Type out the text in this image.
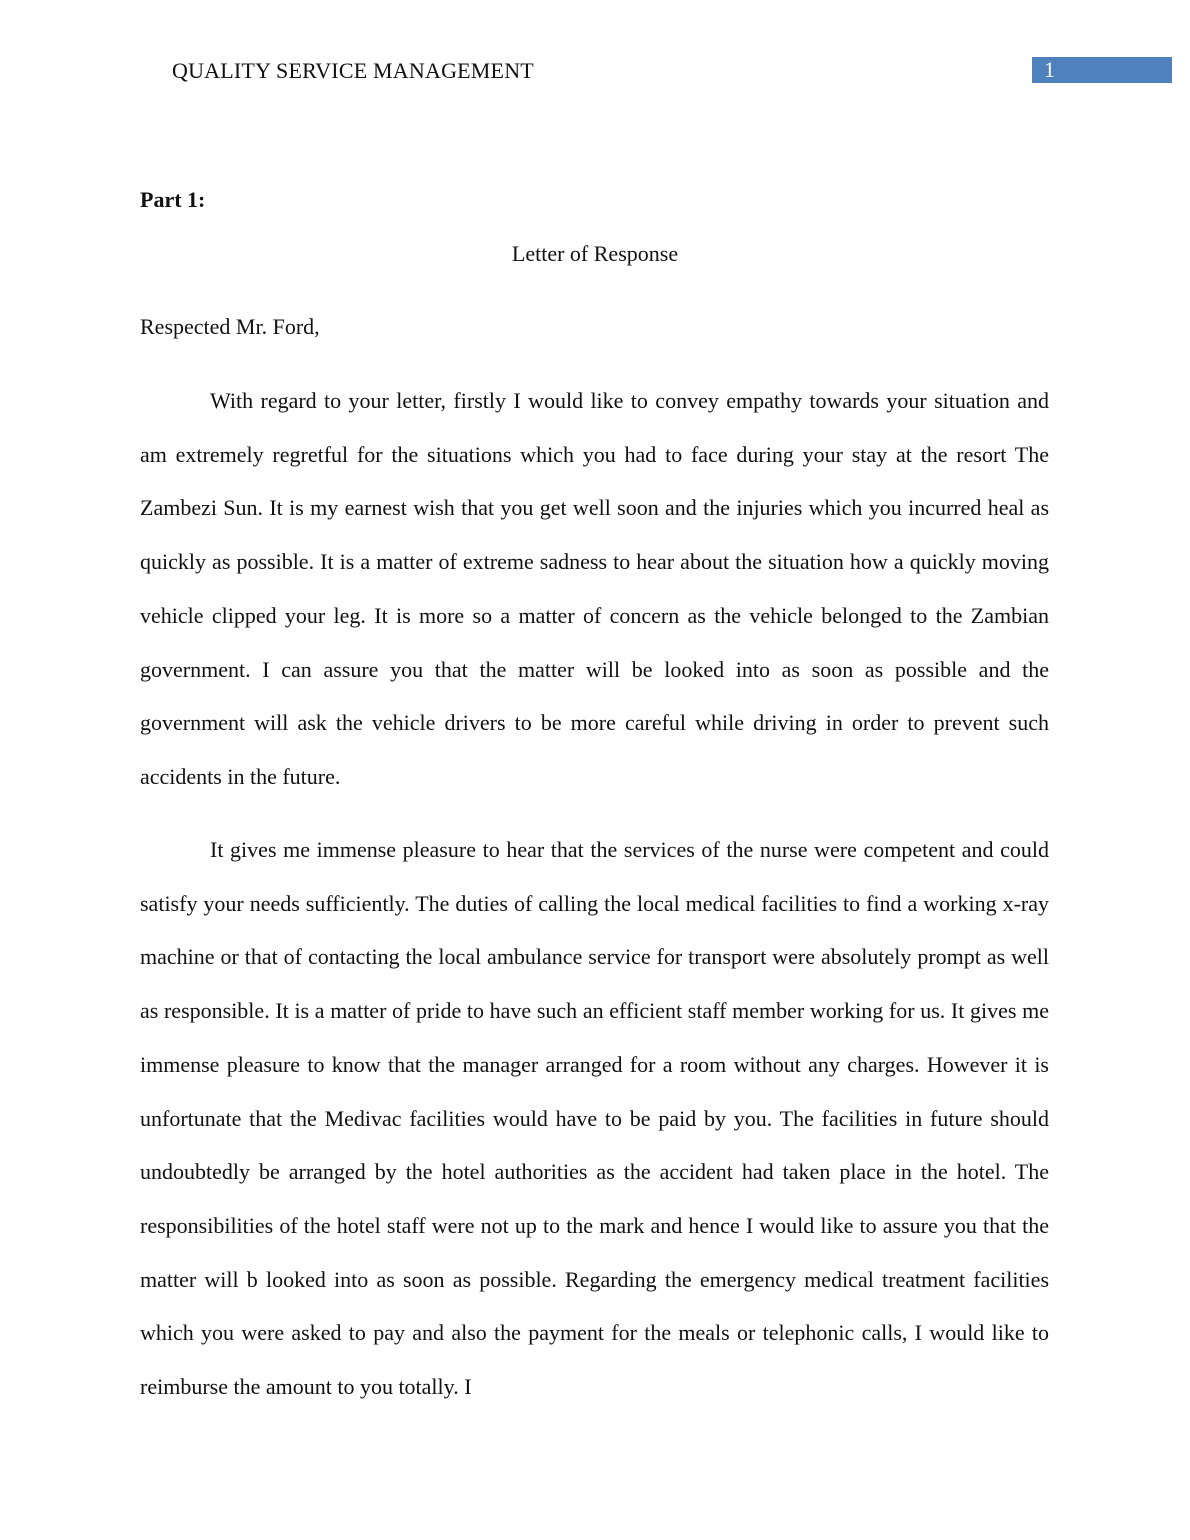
QUALITY SERVICE MANAGEMENT	1
Part 1:
Letter of Response

Respected Mr. Ford,

With regard to your letter, firstly I would like to convey empathy towards your situation and am extremely regretful for the situations which you had to face during your stay at the resort The Zambezi Sun. It is my earnest wish that you get well soon and the injuries which you incurred heal as quickly as possible. It is a matter of extreme sadness to hear about the situation how a quickly moving vehicle clipped your leg. It is more so a matter of concern as the vehicle belonged to the Zambian government. I can assure you that the matter will be looked into as soon as possible and the government will ask the vehicle drivers to be more careful while driving in order to prevent such accidents in the future.

It gives me immense pleasure to hear that the services of the nurse were competent and could satisfy your needs sufficiently. The duties of calling the local medical facilities to find a working x-ray machine or that of contacting the local ambulance service for transport were absolutely prompt as well as responsible. It is a matter of pride to have such an efficient staff member working for us. It gives me immense pleasure to know that the manager arranged for a room without any charges. However it is unfortunate that the Medivac facilities would have to be paid by you. The facilities in future should undoubtedly be arranged by the hotel authorities as the accident had taken place in the hotel. The responsibilities of the hotel staff were not up to the mark and hence I would like to assure you that the matter will b looked into as soon as possible. Regarding the emergency medical treatment facilities which you were asked to pay and also the payment for the meals or telephonic calls, I would like to reimburse the amount to you totally. I
